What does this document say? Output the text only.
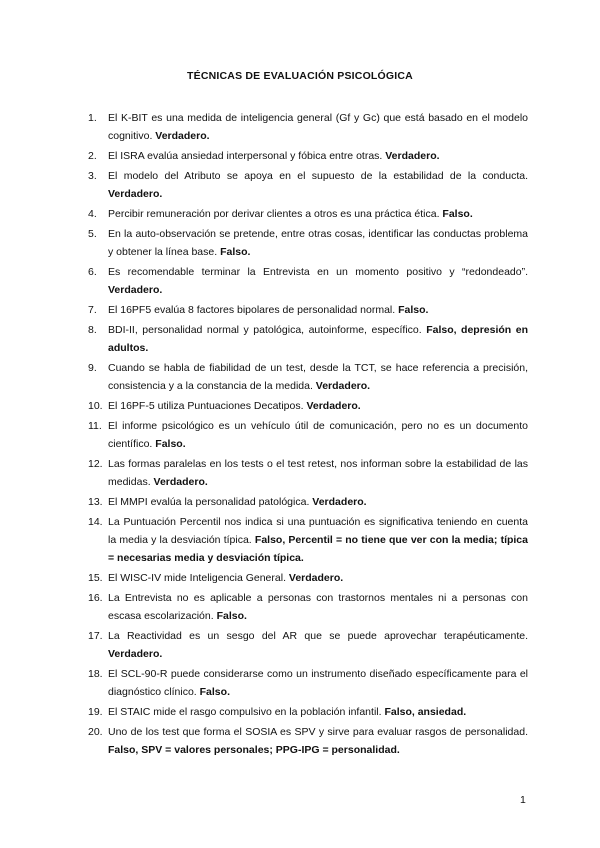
TÉCNICAS DE EVALUACIÓN PSICOLÓGICA
1. El K-BIT es una medida de inteligencia general (Gf y Gc) que está basado en el modelo cognitivo. Verdadero.
2. El ISRA evalúa ansiedad interpersonal y fóbica entre otras. Verdadero.
3. El modelo del Atributo se apoya en el supuesto de la estabilidad de la conducta. Verdadero.
4. Percibir remuneración por derivar clientes a otros es una práctica ética. Falso.
5. En la auto-observación se pretende, entre otras cosas, identificar las conductas problema y obtener la línea base. Falso.
6. Es recomendable terminar la Entrevista en un momento positivo y “redondeado”. Verdadero.
7. El 16PF5 evalúa 8 factores bipolares de personalidad normal. Falso.
8. BDI-II, personalidad normal y patológica, autoinforme, específico. Falso, depresión en adultos.
9. Cuando se habla de fiabilidad de un test, desde la TCT, se hace referencia a precisión, consistencia y a la constancia de la medida. Verdadero.
10. El 16PF-5 utiliza Puntuaciones Decatipos. Verdadero.
11. El informe psicológico es un vehículo útil de comunicación, pero no es un documento científico. Falso.
12. Las formas paralelas en los tests o el test retest, nos informan sobre la estabilidad de las medidas. Verdadero.
13. El MMPI evalúa la personalidad patológica. Verdadero.
14. La Puntuación Percentil nos indica si una puntuación es significativa teniendo en cuenta la media y la desviación típica. Falso, Percentil = no tiene que ver con la media; típica = necesarias media y desviación típica.
15. El WISC-IV mide Inteligencia General. Verdadero.
16. La Entrevista no es aplicable a personas con trastornos mentales ni a personas con escasa escolarización. Falso.
17. La Reactividad es un sesgo del AR que se puede aprovechar terapéuticamente. Verdadero.
18. El SCL-90-R puede considerarse como un instrumento diseñado específicamente para el diagnóstico clínico. Falso.
19. El STAIC mide el rasgo compulsivo en la población infantil. Falso, ansiedad.
20. Uno de los test que forma el SOSIA es SPV y sirve para evaluar rasgos de personalidad. Falso, SPV = valores personales; PPG-IPG = personalidad.
1
